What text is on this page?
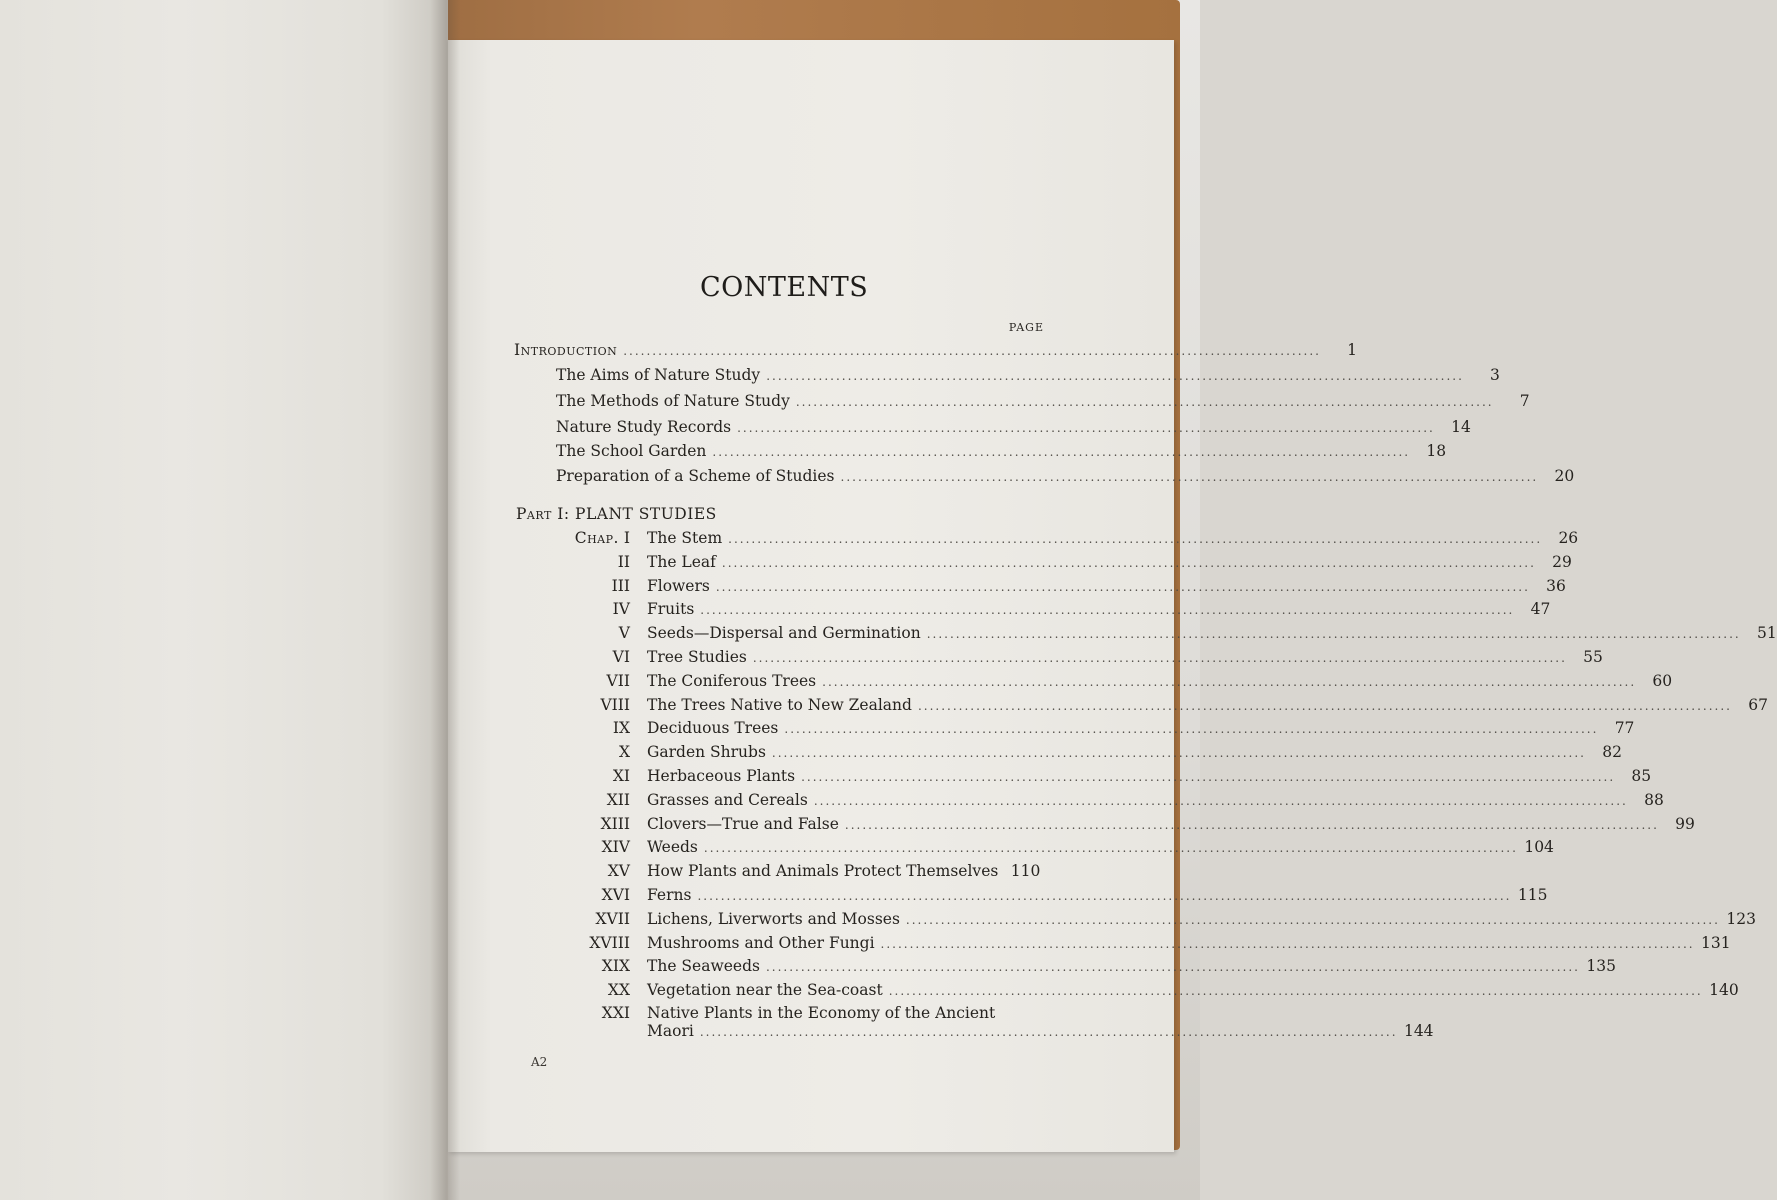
CONTENTS
PAGE
Introduction ........................................................................................................................	1
The Aims of Nature Study ........................................................................................................................	3
The Methods of Nature Study ........................................................................................................................	7
Nature Study Records ........................................................................................................................	14
The School Garden ........................................................................................................................	18
Preparation of a Scheme of Studies ........................................................................................................................	20
Part I: PLANT STUDIES
Chap. I The Stem ............................................................................................................................................	26
II The Leaf ............................................................................................................................................	29
III Flowers ............................................................................................................................................	36
IV Fruits ............................................................................................................................................	47
V Seeds—Dispersal and Germination ............................................................................................................................................	51
VI Tree Studies ............................................................................................................................................	55
VII The Coniferous Trees ............................................................................................................................................	60
VIII The Trees Native to New Zealand ............................................................................................................................................	67
IX Deciduous Trees ............................................................................................................................................	77
X Garden Shrubs ............................................................................................................................................	82
XI Herbaceous Plants ............................................................................................................................................	85
XII Grasses and Cereals ............................................................................................................................................	88
XIII Clovers—True and False ............................................................................................................................................	99
XIV Weeds ............................................................................................................................................ 104
XV How Plants and Animals Protect Themselves 110
XVI Ferns ............................................................................................................................................ 115
XVII Lichens, Liverworts and Mosses ............................................................................................................................................ 123
XVIII Mushrooms and Other Fungi ............................................................................................................................................ 131
XIX The Seaweeds ............................................................................................................................................ 135
XX Vegetation near the Sea-coast ............................................................................................................................................ 140
XXI Native Plants in the Economy of the Ancient
Maori ........................................................................................................................ 144
A2
